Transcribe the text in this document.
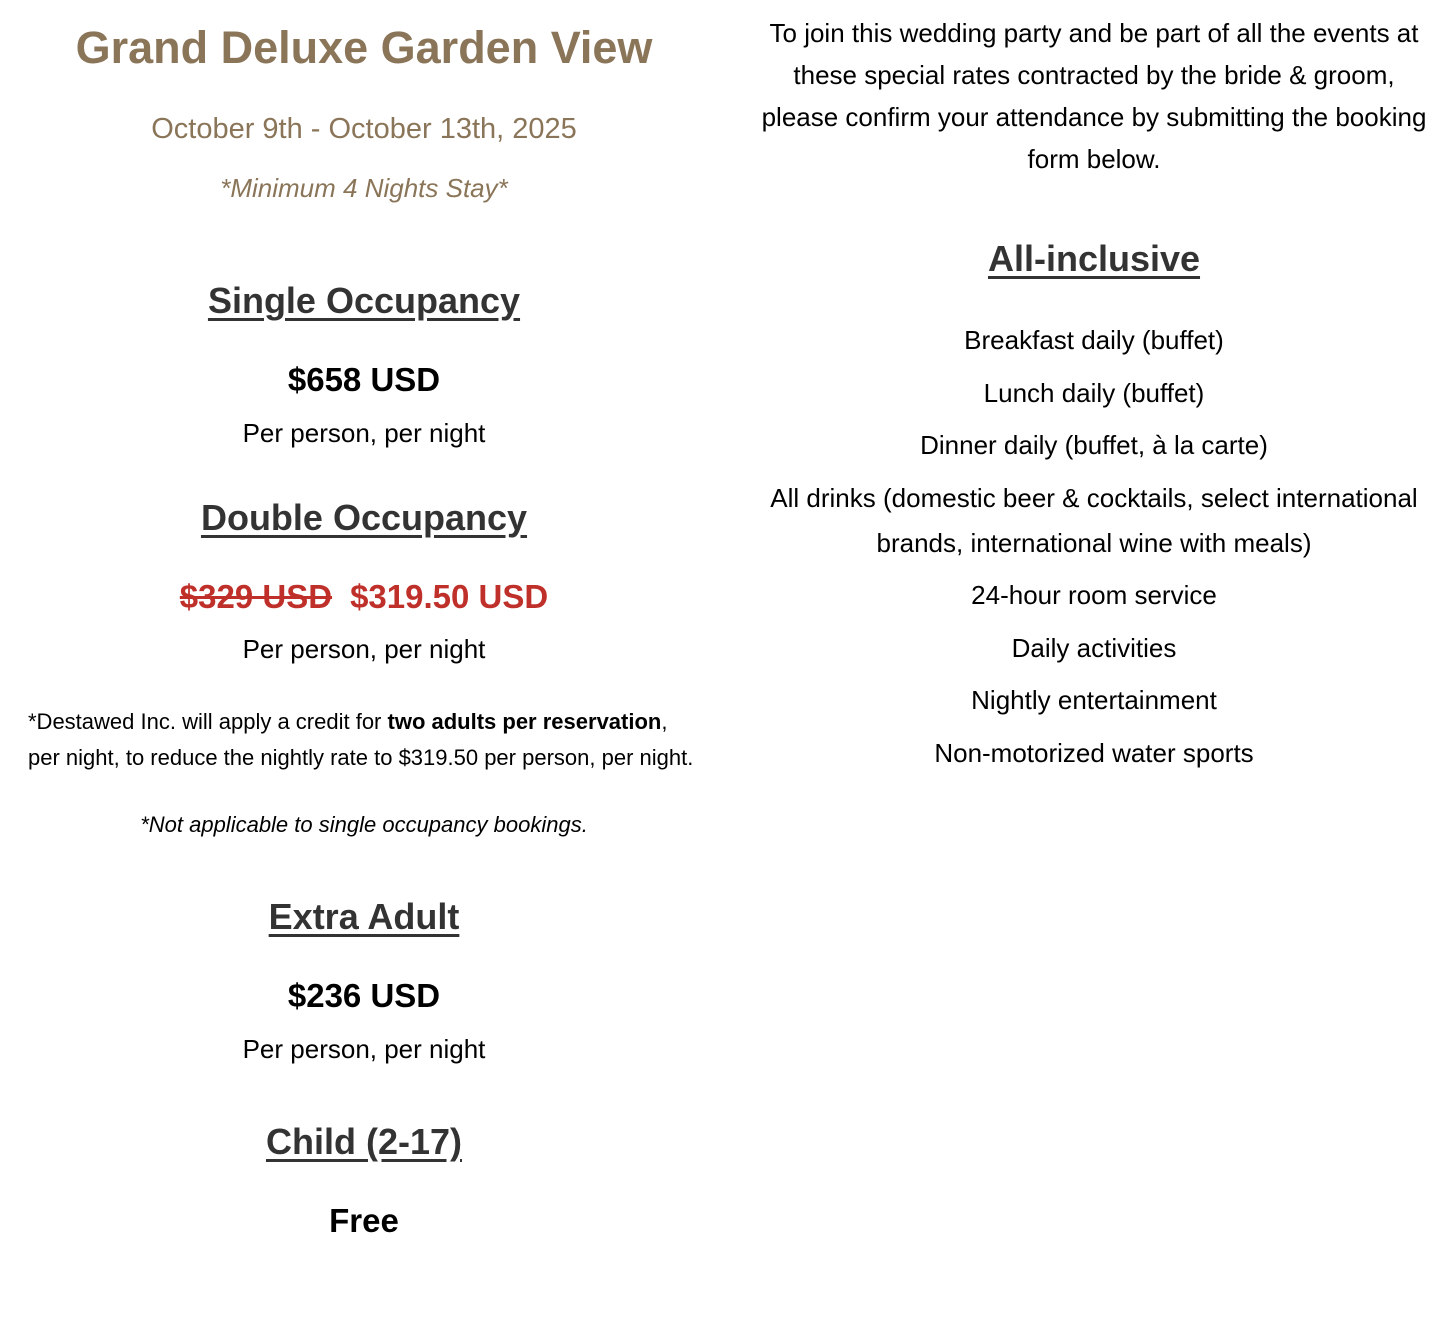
Grand Deluxe Garden View
October 9th - October 13th, 2025
*Minimum 4 Nights Stay*
Single Occupancy
$658 USD
Per person, per night
Double Occupancy
$329 USD $319.50 USD
Per person, per night

*Destawed Inc. will apply a credit for two adults per reservation, per night, to reduce the nightly rate to $319.50 per person, per night.

*Not applicable to single occupancy bookings.

Extra Adult
$236 USD
Per person, per night
Child (2-17)
Free

To join this wedding party and be part of all the events at these special rates contracted by the bride & groom, please confirm your attendance by submitting the booking form below.

All-inclusive
Breakfast daily (buffet)
Lunch daily (buffet)
Dinner daily (buffet, à la carte)
All drinks (domestic beer & cocktails, select international brands, international wine with meals)
24-hour room service
Daily activities
Nightly entertainment
Non-motorized water sports
